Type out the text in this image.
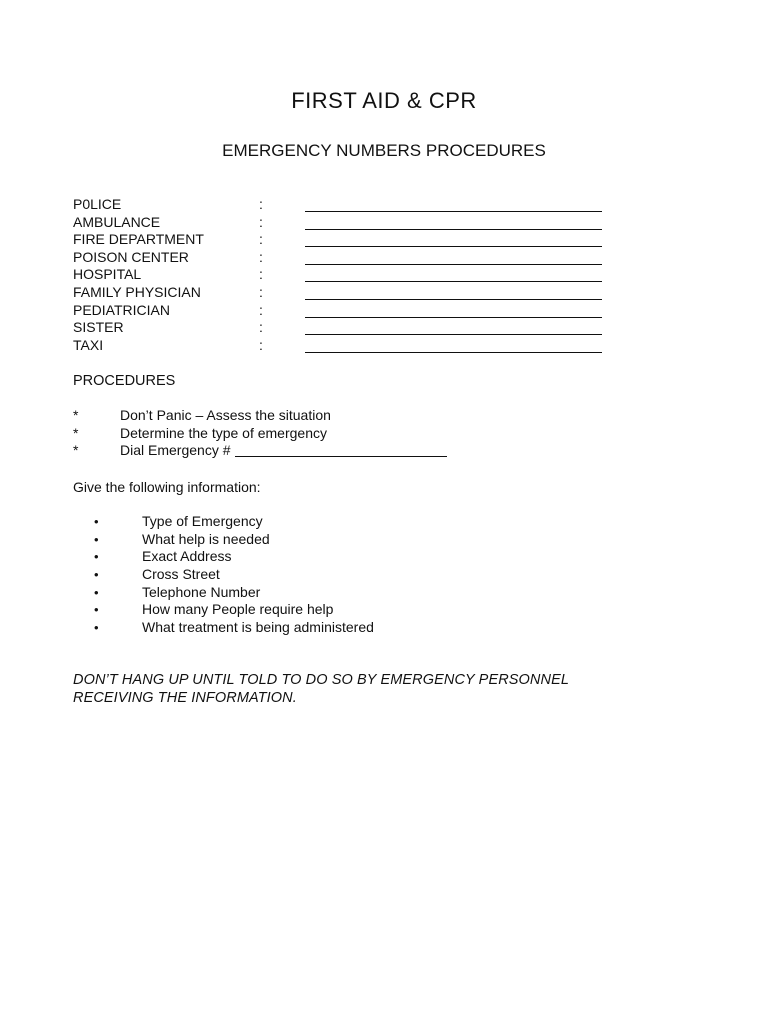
FIRST AID & CPR
EMERGENCY NUMBERS PROCEDURES
P0LICE	:
AMBULANCE	:
FIRE DEPARTMENT	:
POISON CENTER	:
HOSPITAL	:
FAMILY PHYSICIAN	:
PEDIATRICIAN	:
SISTER	:
TAXI	:
PROCEDURES
*	Don’t Panic – Assess the situation
*	Determine the type of emergency
*	Dial Emergency #
Give the following information:
•	Type of Emergency
•	What help is needed
•	Exact Address
•	Cross Street
•	Telephone Number
•	How many People require help
•	What treatment is being administered
DON’T HANG UP UNTIL TOLD TO DO SO BY EMERGENCY PERSONNEL
RECEIVING THE INFORMATION.
